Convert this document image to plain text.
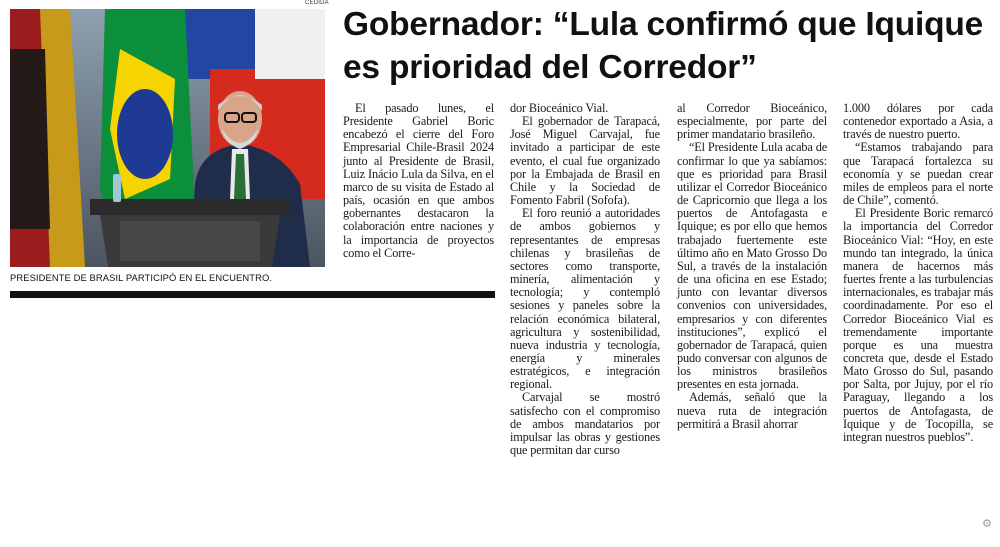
CEDIDA
PRESIDENTE DE BRASIL PARTICIPÓ EN EL ENCUENTRO.
Gobernador: “Lula confirmó que Iquique es prioridad del Corredor”

El pasado lunes, el Presidente Gabriel Boric encabezó el cierre del Foro Empresarial Chile-Brasil 2024 junto al Presidente de Brasil, Luiz Inácio Lula da Silva, en el marco de su visita de Estado al país, ocasión en que ambos gobernantes destacaron la colaboración entre naciones y la importancia de proyectos como el Corre-

dor Bioceánico Vial.

El gobernador de Tarapacá, José Miguel Carvajal, fue invitado a participar de este evento, el cual fue organizado por la Embajada de Brasil en Chile y la Sociedad de Fomento Fabril (Sofofa).

El foro reunió a autoridades de ambos gobiernos y representantes de empresas chilenas y brasileñas de sectores como transporte, minería, alimentación y tecnología; y contempló sesiones y paneles sobre la relación económica bilateral, agricultura y sostenibilidad, nueva industria y tecnología, energía y minerales estratégicos, e integración regional.

Carvajal se mostró satisfecho con el compromiso de ambos mandatarios por impulsar las obras y gestiones que permitan dar curso

al Corredor Bioceánico, especialmente, por parte del primer mandatario brasileño.

“El Presidente Lula acaba de confirmar lo que ya sabíamos: que es prioridad para Brasil utilizar el Corredor Bioceánico de Capricornio que llega a los puertos de Antofagasta e Iquique; es por ello que hemos trabajado fuertemente este último año en Mato Grosso Do Sul, a través de la instalación de una oficina en ese Estado; junto con levantar diversos convenios con universidades, empresarios y con diferentes instituciones”, explicó el gobernador de Tarapacá, quien pudo conversar con algunos de los ministros brasileños presentes en esta jornada.

Además, señaló que la nueva ruta de integración permitirá a Brasil ahorrar

1.000 dólares por cada contenedor exportado a Asia, a través de nuestro puerto.

“Estamos trabajando para que Tarapacá fortalezca su economía y se puedan crear miles de empleos para el norte de Chile”, comentó.

El Presidente Boric remarcó la importancia del Corredor Bioceánico Vial: “Hoy, en este mundo tan integrado, la única manera de hacernos más fuertes frente a las turbulencias internacionales, es trabajar más coordinadamente. Por eso el Corredor Bioceánico Vial es tremendamente importante porque es una muestra concreta que, desde el Estado Mato Grosso do Sul, pasando por Salta, por Jujuy, por el río Paraguay, llegando a los puertos de Antofagasta, de Iquique y de Tocopilla, se integran nuestros pueblos”.

⚙
